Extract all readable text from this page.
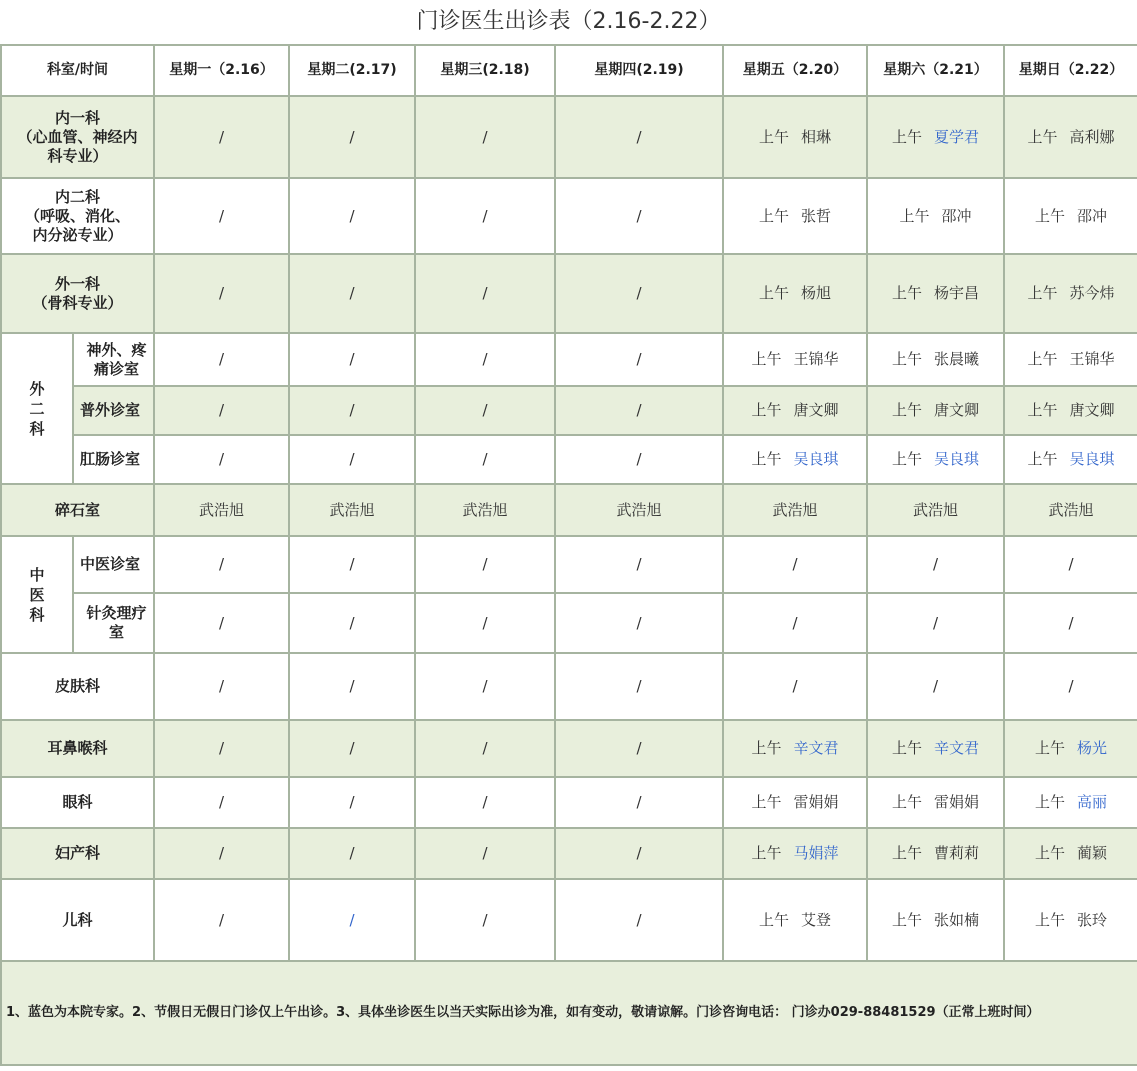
门诊医生出诊表（2.16-2.22）
科室/时间		星期一（2.16）	星期二(2.17)	星期三(2.18)	星期四(2.19)	星期五（2.20）	星期六（2.21）	星期日（2.22）

内一科
（心血管、神经内
科专业）		/	/	/	/	上午 相琳	上午 夏学君	上午 高利娜

内二科
（呼吸、消化、
内分泌专业）		/	/	/	/	上午 张哲	上午 邵冲	上午 邵冲

外一科
（骨科专业）		/	/	/	/	上午 杨旭	上午 杨宇昌	上午 苏今炜
外二科	神外、疼
痛诊室	/	/	/	/	上午 王锦华	上午 张晨曦	上午 王锦华

	普外诊室	/	/	/	/	上午 唐文卿	上午 唐文卿	上午 唐文卿

	肛肠诊室	/	/	/	/	上午 吴良琪	上午 吴良琪	上午 吴良琪

碎石室		武浩旭	武浩旭	武浩旭	武浩旭	武浩旭	武浩旭	武浩旭
中医科	中医诊室	/	/	/	/	/	/	/

	针灸理疗
室	/	/	/	/	/	/	/

皮肤科		/	/	/	/	/	/	/

耳鼻喉科		/	/	/	/	上午 辛文君	上午 辛文君	上午 杨光

眼科		/	/	/	/	上午 雷娟娟	上午 雷娟娟	上午 高丽

妇产科		/	/	/	/	上午 马娟萍	上午 曹莉莉	上午 蔺颖

儿科		/	/	/	/	上午 艾登	上午 张如楠	上午 张玲
1、蓝色为本院专家。2、节假日无假日门诊仅上午出诊。3、具体坐诊医生以当天实际出诊为准，如有变动，敬请谅解。门诊咨询电话： 门诊办029-88481529（正常上班时间）								
